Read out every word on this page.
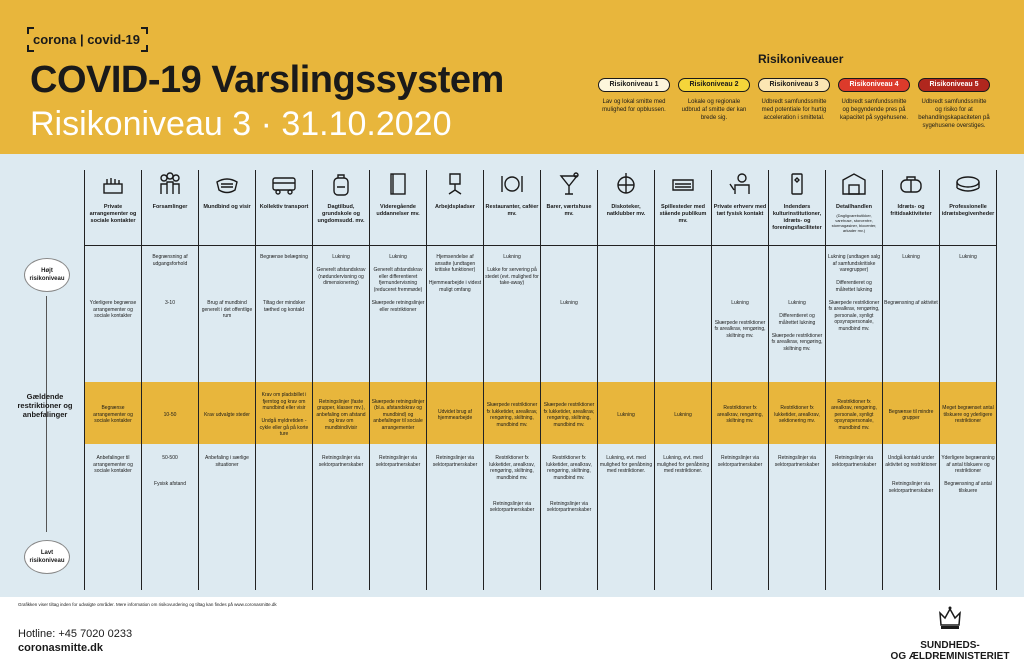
corona | covid-19
COVID-19 Varslingssystem
Risikoniveau 3 · 31.10.2020
Risikoniveauer
Risikoniveau 1
Lav og lokal smitte med mulighed for opblussen.
Risikoniveau 2
Lokale og regionale udbrud af smitte der kan brede sig.
Risikoniveau 3
Udbredt samfundssmitte med potentiale for hurtig acceleration i smittetal.
Risikoniveau 4
Udbredt samfundssmitte og begyndende pres på kapacitet på sygehusene.
Risikoniveau 5
Udbredt samfundssmitte og risiko for at behandlingskapaciteten på sygehusene overstiges.
Højt
risikoniveau
Gældende restriktioner og anbefalinger
Lavt
risikoniveau
Private arrangementer og sociale kontakter
Yderligere begrænse arrangementer og sociale kontakter
Begrænse arrangementer og sociale kontakter
Anbefalinger til arrangementer og sociale kontakter
Forsamlinger
Begrænsning af udgangsforhold
3-10
10-50
50-500

Fysisk afstand
Mundbind og visir
Brug af mundbind generelt i det offentlige rum
Krav udvalgte steder
Anbefaling i særlige situationer
Kollektiv transport
Begrænse belægning
Tiltag der mindsker tæthed og kontakt
Krav om pladsbillet i fjerntog og krav om mundbind eller visir

Undgå myldretiden - cykle eller gå på korte ture
Dagtilbud, grundskole og ungdomsudd. mv.
Lukning

Generelt afstandskrav (nødundervisning og dimensionering)
Retningslinjer (faste grupper, klasser mv.), anbefaling om afstand og krav om mundbind/visir
Retningslinjer via sektorpartnerskaber
Videregående uddannelser mv.
Lukning

Generelt afstandskrav eller differentieret fjernundervisning (reduceret fremmøde)
Skærpede retningslinjer eller restriktioner
Skærpede retningslinjer (bl.a. afstandskrav og mundbind) og anbefalinger til sociale arrangementer
Retningslinjer via sektorpartnerskaber
Arbejdspladser
Hjemsendelse af ansatte (undtagen kritiske funktioner)

Hjemmearbejde i videst muligt omfang
Udvidet brug af hjemmearbejde
Retningslinjer via sektorpartnerskaber
Restauranter, caféer mv.
Lukning

Lukke for servering på stedet (evt. mulighed for take-away)
Skærpede restriktioner fx lukketider, arealkrav, rengøring, skiltning, mundbind mv.
Restriktioner fx lukketider, arealkrav, rengøring, skiltning, mundbind mv.

Retningslinjer via sektorpartnerskaber
Barer, værtshuse mv.
Lukning
Skærpede restriktioner fx lukketider, arealkrav, rengøring, skiltning, mundbind mv.
Restriktioner fx lukketider, arealkrav, rengøring, skiltning, mundbind mv.

Retningslinjer via sektorpartnerskaber
Diskoteker, natklubber mv.
Lukning
Lukning, evt. med mulighed for genåbning med restriktioner.
Spillesteder med stående publikum mv.
Lukning
Lukning, evt. med mulighed for genåbning med restriktioner.
Private erhverv med tæt fysisk kontakt
Lukning

Skærpede restriktioner fx arealkrav, rengøring, skiltning mv.
Restriktioner fx arealkrav, rengøring, skiltning mv.
Retningslinjer via sektorpartnerskaber
Indendørs kulturinstitutioner, idræts- og foreningsfaciliteter
Lukning

Differentieret og målrettet lukning

Skærpede restriktioner fx arealkrav, rengøring, skiltning mv.
Restriktioner fx lukketider, arealkrav, sektionering mv.
Retningslinjer via sektorpartnerskaber
Detailhandlen
(Dagligvarebutikker, varehuse, storcentre, stormagasiner, biocenter, arkader mv.)
Lukning (undtagen salg af samfundskritiske varegrupper)

Differentieret og målrettet lukning

Skærpede restriktioner fx arealkrav, rengøring, personale, synligt opsynspersonale, mundbind mv.
Restriktioner fx arealkrav, rengøring, personale, synligt opsynspersonale, mundbind mv.
Retningslinjer via sektorpartnerskaber
Idræts- og fritidsaktiviteter
Lukning
Begrænsning af aktivitet
Begrænse til mindre grupper
Undgå kontakt under aktivitet og restriktioner

Retningslinjer via sektorpartnerskaber
Professionelle idrætsbegivenheder
Lukning
Meget begrænset antal tilskuere og yderligere restriktioner
Yderligere begrænsning af antal tilskuere og restriktioner

Begrænsning af antal tilskuere
Grafikken viser tiltag inden for udvalgte områder. Mere information om risikovurdering og tiltag kan findes på www.coronasmitte.dk
Hotline: +45 7020 0233
coronasmitte.dk	SUNDHEDS-
OG ÆLDREMINISTERIET
